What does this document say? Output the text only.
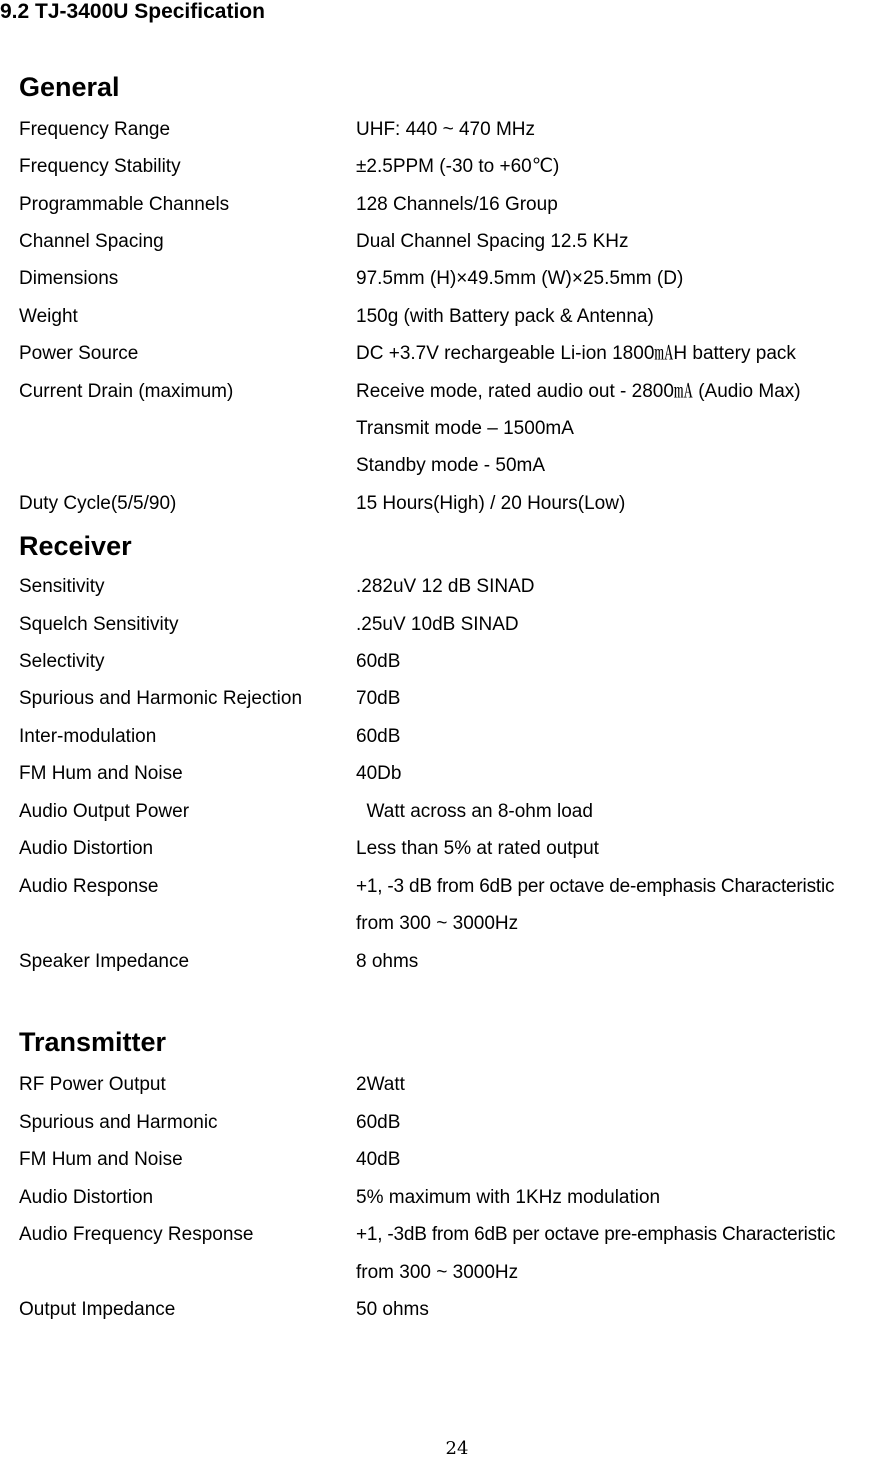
9.2 TJ-3400U Specification
General
Frequency Range	UHF: 440 ~ 470 MHz
Frequency Stability	±2.5PPM (-30 to +60℃)
Programmable Channels	128 Channels/16 Group
Channel Spacing	Dual Channel Spacing 12.5 KHz
Dimensions	97.5mm (H)×49.5mm (W)×25.5mm (D)
Weight	150g (with Battery pack & Antenna)
Power Source	DC +3.7V rechargeable Li-ion 1800㎃H battery pack
Current Drain (maximum)	Receive mode, rated audio out - 2800㎃ (Audio Max)
Transmit mode – 1500mA
Standby mode - 50mA
Duty Cycle(5/5/90)	15 Hours(High) / 20 Hours(Low)
Receiver
Sensitivity	.282uV 12 dB SINAD
Squelch Sensitivity	.25uV 10dB SINAD
Selectivity	60dB
Spurious and Harmonic Rejection	70dB
Inter-modulation	60dB
FM Hum and Noise	40Db
Audio Output Power	Watt across an 8-ohm load
Audio Distortion	Less than 5% at rated output
Audio Response	+1, -3 dB from 6dB per octave de-emphasis Characteristic
from 300 ~ 3000Hz
Speaker Impedance	8 ohms
Transmitter
RF Power Output	2Watt
Spurious and Harmonic	60dB
FM Hum and Noise	40dB
Audio Distortion	5% maximum with 1KHz modulation
Audio Frequency Response	+1, -3dB from 6dB per octave pre-emphasis Characteristic
from 300 ~ 3000Hz
Output Impedance	50 ohms
24
